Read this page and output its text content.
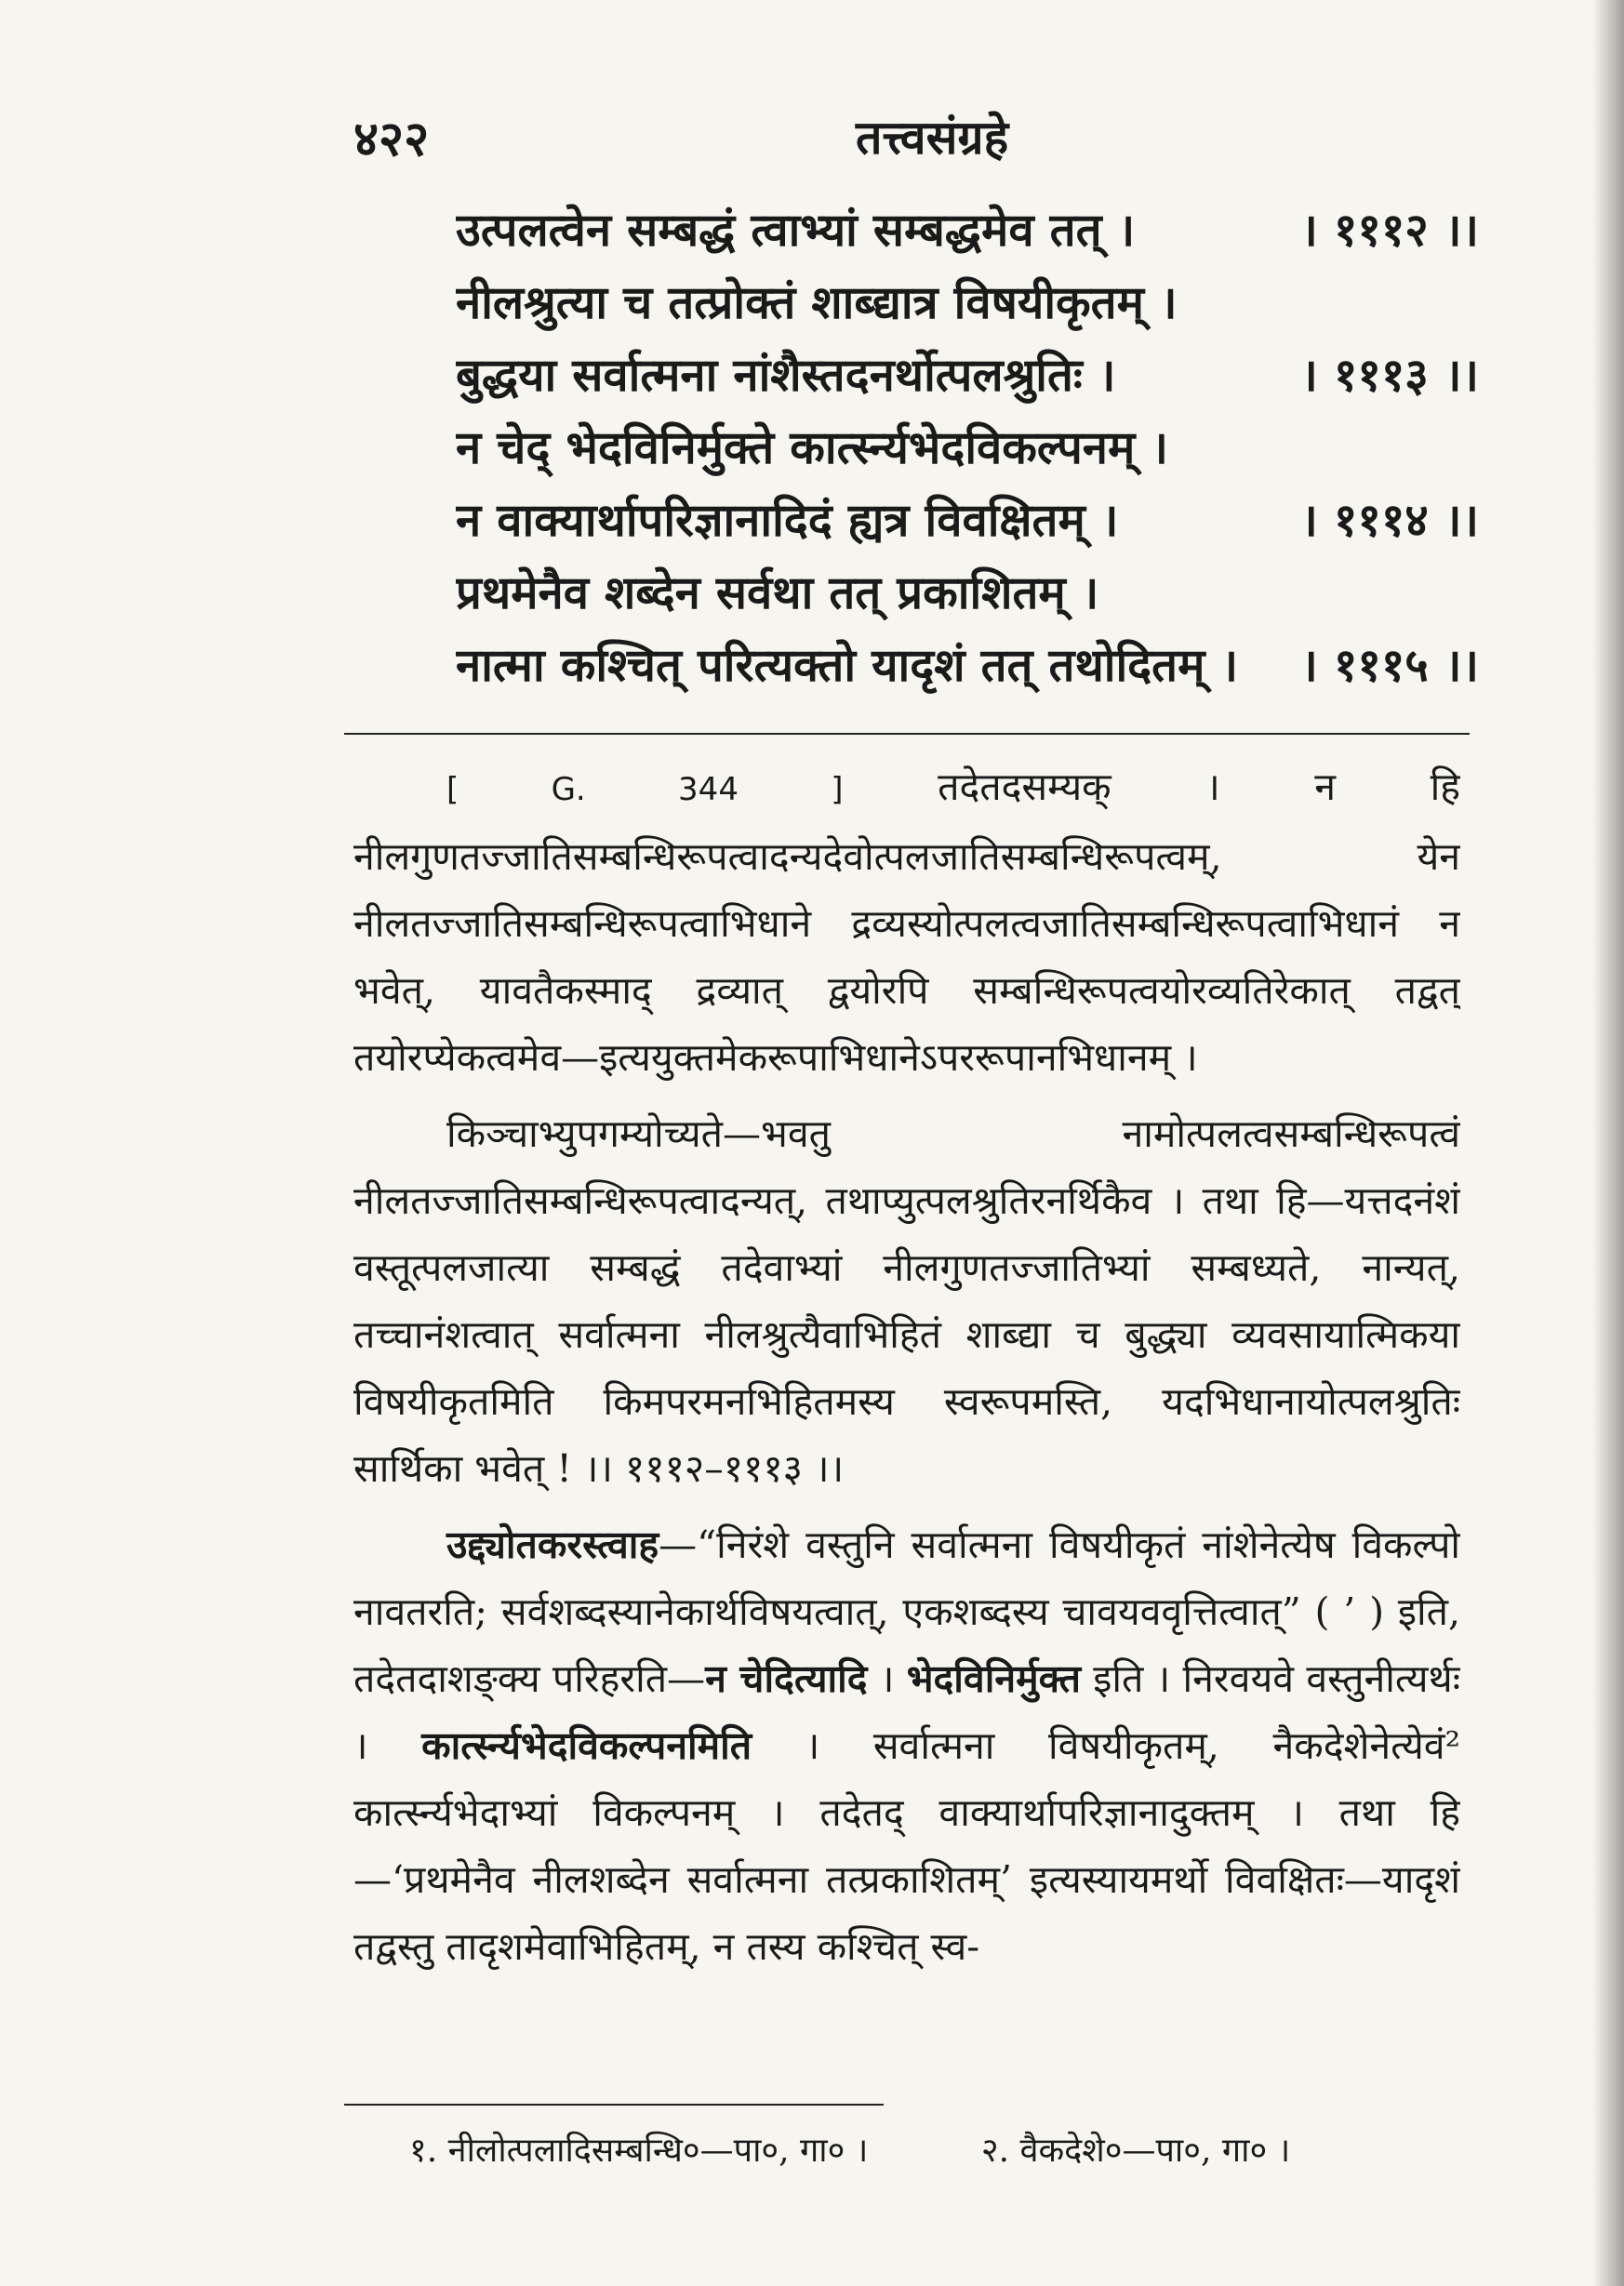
४२२	तत्त्वसंग्रहे
उत्पलत्वेन सम्बद्धं त्वाभ्यां सम्बद्धमेव तत् ।	। १११२ ।।
नीलश्रुत्या च तत्प्रोक्तं शाब्द्यात्र विषयीकृतम् ।
बुद्धया सर्वात्मना नांशैस्तदनर्थोत्पलश्रुतिः ।	। १११३ ।।
न चेद् भेदविनिर्मुक्ते कार्त्स्न्यभेदविकल्पनम् ।
न वाक्यार्थापरिज्ञानादिदं ह्यत्र विवक्षितम् ।	। १११४ ।।
प्रथमेनैव शब्देन सर्वथा तत् प्रकाशितम् ।
नात्मा कश्चित् परित्यक्तो यादृशं तत् तथोदितम् । । १११५ ।।

[ G. 344 ] तदेतदसम्यक् । न हि नीलगुणतज्जातिसम्बन्धिरूपत्वादन्यदेवोत्पलजातिसम्बन्धिरूपत्वम्, येन नीलतज्जातिसम्बन्धिरूपत्वाभिधाने द्रव्यस्योत्पलत्वजातिसम्बन्धिरूपत्वाभिधानं न भवेत्, यावतैकस्माद् द्रव्यात् द्वयोरपि सम्बन्धिरूपत्वयोरव्यतिरेकात् तद्वत् तयोरप्येकत्वमेव—इत्ययुक्तमेकरूपाभिधानेऽपररूपानभिधानम् ।

किञ्चाभ्युपगम्योच्यते—भवतु नामोत्पलत्वसम्बन्धिरूपत्वं नीलतज्जातिसम्बन्धिरूपत्वादन्यत्, तथाप्युत्पलश्रुतिरनर्थिकैव । तथा हि—यत्तदनंशं वस्तूत्पलजात्या सम्बद्धं तदेवाभ्यां नीलगुणतज्जातिभ्यां सम्बध्यते, नान्यत्, तच्चानंशत्वात् सर्वात्मना नीलश्रुत्यैवाभिहितं शाब्द्या च बुद्ध्या व्यवसायात्मिकया विषयीकृतमिति किमपरमनभिहितमस्य स्वरूपमस्ति, यदभिधानायोत्पलश्रुतिः सार्थिका भवेत् ! ।। १११२–१११३ ।।

उद्द्योतकरस्त्वाह—“निरंशे वस्तुनि सर्वात्मना विषयीकृतं नांशेनेत्येष विकल्पो नावतरति; सर्वशब्दस्यानेकार्थविषयत्वात्, एकशब्दस्य चावयववृत्तित्वात्” ( ’ ) इति, तदेतदाशङ्क्य परिहरति—न चेदित्यादि । भेदविनिर्मुक्त इति । निरवयवे वस्तुनीत्यर्थः । कार्त्स्न्यभेदविकल्पनमिति । सर्वात्मना विषयीकृतम्, नैकदेशेनेत्येवं² कार्त्स्न्यभेदाभ्यां विकल्पनम् । तदेतद् वाक्यार्थापरिज्ञानादुक्तम् । तथा हि—‘प्रथमेनैव नीलशब्देन सर्वात्मना तत्प्रकाशितम्’ इत्यस्यायमर्थो विवक्षितः—यादृशं तद्वस्तु तादृशमेवाभिहितम्, न तस्य कश्चित् स्व-

१. नीलोत्पलादिसम्बन्धि०—पा०, गा० ।	२. वैकदेशे०—पा०, गा० ।
